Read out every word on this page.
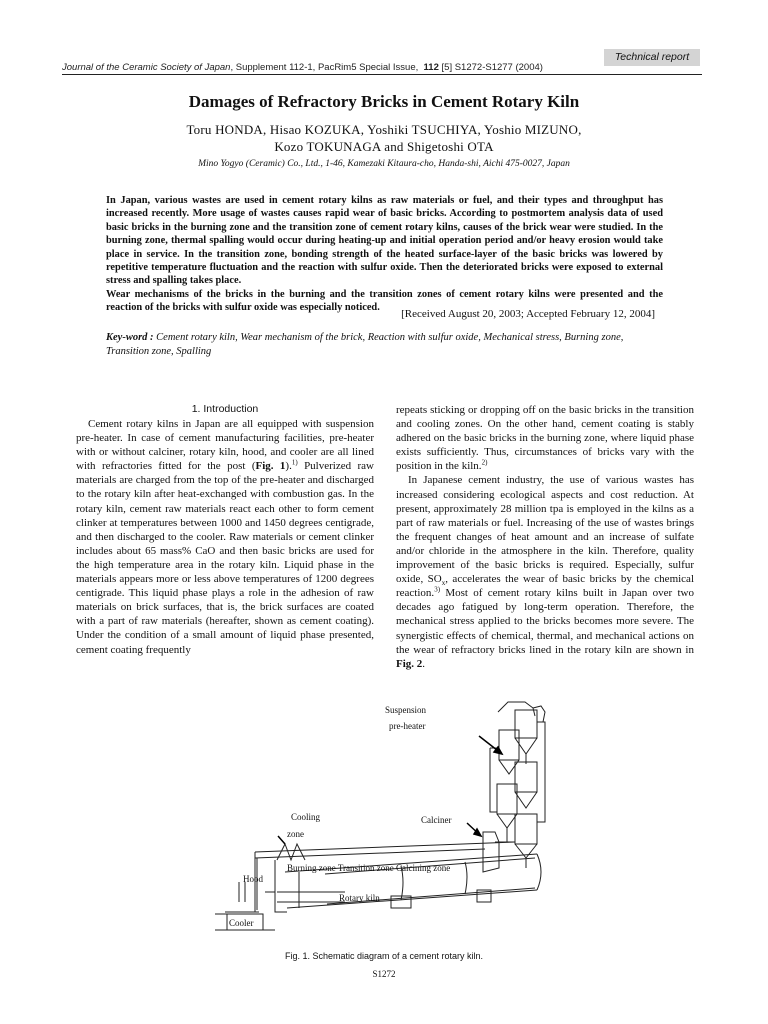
Technical report
Journal of the Ceramic Society of Japan, Supplement 112-1, PacRim5 Special Issue, 112 [5] S1272-S1277 (2004)
Damages of Refractory Bricks in Cement Rotary Kiln
Toru HONDA, Hisao KOZUKA, Yoshiki TSUCHIYA, Yoshio MIZUNO,
Kozo TOKUNAGA and Shigetoshi OTA
Mino Yogyo (Ceramic) Co., Ltd., 1-46, Kamezaki Kitaura-cho, Handa-shi, Aichi 475-0027, Japan

In Japan, various wastes are used in cement rotary kilns as raw materials or fuel, and their types and throughput has increased recently. More usage of wastes causes rapid wear of basic bricks. According to postmortem analysis data of used basic bricks in the burning zone and the transition zone of cement rotary kilns, causes of the brick wear were studied. In the burning zone, thermal spalling would occur during heating-up and initial operation period and/or heavy erosion would take place in service. In the transition zone, bonding strength of the heated surface-layer of the basic bricks was lowered by repetitive temperature fluctuation and the reaction with sulfur oxide. Then the deteriorated bricks were exposed to external stress and spalling takes place.

Wear mechanisms of the bricks in the burning and the transition zones of cement rotary kilns were presented and the reaction of the bricks with sulfur oxide was especially noticed.

[Received August 20, 2003; Accepted February 12, 2004]
Key-word : Cement rotary kiln, Wear mechanism of the brick, Reaction with sulfur oxide, Mechanical stress, Burning zone, Transition zone, Spalling
1. Introduction

Cement rotary kilns in Japan are all equipped with suspension pre-heater. In case of cement manufacturing facilities, pre-heater with or without calciner, rotary kiln, hood, and cooler are all lined with refractories fitted for the post (Fig. 1).$^{1)}$ Pulverized raw materials are charged from the top of the pre-heater and discharged to the rotary kiln after heat-exchanged with combustion gas. In the rotary kiln, cement raw materials react each other to form cement clinker at temperatures between 1000 and 1450 degrees centigrade, and then discharged to the cooler. Raw materials or cement clinker includes about 65 mass% CaO and then basic bricks are used for the high temperature area in the rotary kiln. Liquid phase in the materials appears more or less above temperatures of 1200 degrees centigrade. This liquid phase plays a role in the adhesion of raw materials on brick surfaces, that is, the brick surfaces are coated with a part of raw materials (hereafter, shown as cement coating). Under the condition of a small amount of liquid phase presented, cement coating frequently

repeats sticking or dropping off on the basic bricks in the transition and cooling zones. On the other hand, cement coating is stably adhered on the basic bricks in the burning zone, where liquid phase exists sufficiently. Thus, circumstances of bricks vary with the position in the kiln.$^{2)}$

In Japanese cement industry, the use of various wastes has increased considering ecological aspects and cost reduction. At present, approximately 28 million tpa is employed in the kilns as a part of raw materials or fuel. Increasing of the use of wastes brings the frequent changes of heat amount and an increase of sulfate and/or chloride in the atmosphere in the kiln. Therefore, quality improvement of the basic bricks is required. Especially, sulfur oxide, $SO_x$, accelerates the wear of basic bricks by the chemical reaction.$^{3)}$ Most of cement rotary kilns built in Japan over two decades ago fatigued by long-term operation. Therefore, the mechanical stress applied to the bricks becomes more severe. The synergistic effects of chemical, thermal, and mechanical actions on the wear of refractory bricks lined in the rotary kiln are shown in Fig. 2.

Suspension
pre-heater
Cooling
zone
Calciner
Hood
Burning zone Transition zone Calcining zone
Rotary kiln
Cooler
Fig. 1. Schematic diagram of a cement rotary kiln.
S1272
